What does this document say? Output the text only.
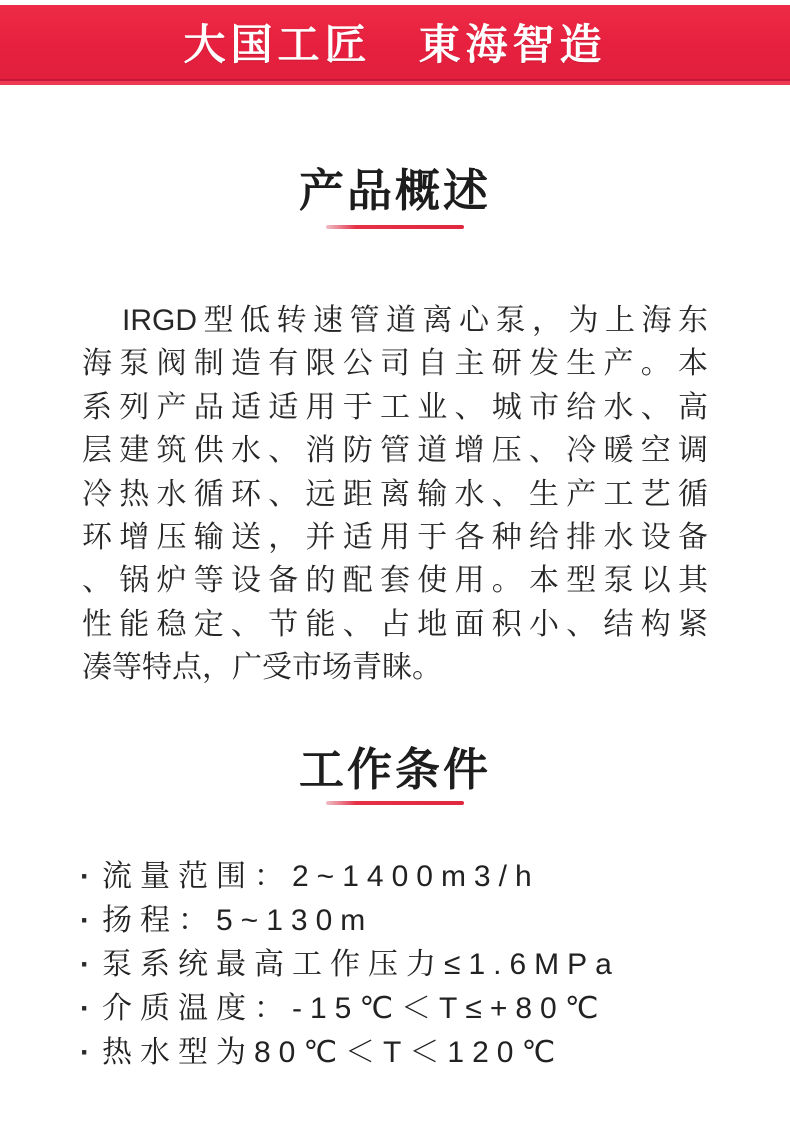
大国工匠　東海智造
产品概述
IRGD型低转速管道离心泵，为上海东
海泵阀制造有限公司自主研发生产。本
系列产品适适用于工业、城市给水、高
层建筑供水、消防管道增压、冷暖空调
冷热水循环、远距离输水、生产工艺循
环增压输送，并适用于各种给排水设备
、锅炉等设备的配套使用。本型泵以其
性能稳定、节能、占地面积小、结构紧
凑等特点，广受市场青睐。
工作条件
· 流量范围：2~1400m3/h
· 扬程：5~130m
· 泵系统最高工作压力≤1.6MPa
· 介质温度：-15℃＜T≤+80℃
· 热水型为80℃＜T＜120℃
